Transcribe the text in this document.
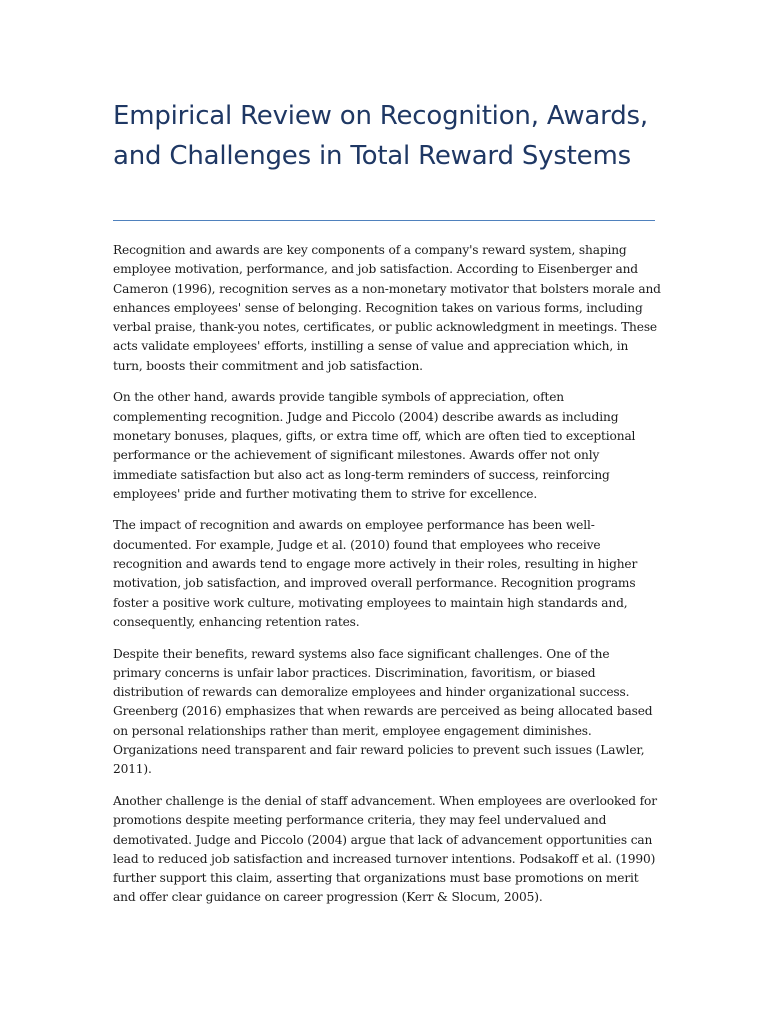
Empirical Review on Recognition, Awards, and Challenges in Total Reward Systems

Recognition and awards are key components of a company's reward system, shaping employee motivation, performance, and job satisfaction. According to Eisenberger and Cameron (1996), recognition serves as a non-monetary motivator that bolsters morale and enhances employees' sense of belonging. Recognition takes on various forms, including verbal praise, thank-you notes, certificates, or public acknowledgment in meetings. These acts validate employees' efforts, instilling a sense of value and appreciation which, in turn, boosts their commitment and job satisfaction.

On the other hand, awards provide tangible symbols of appreciation, often complementing recognition. Judge and Piccolo (2004) describe awards as including monetary bonuses, plaques, gifts, or extra time off, which are often tied to exceptional performance or the achievement of significant milestones. Awards offer not only immediate satisfaction but also act as long-term reminders of success, reinforcing employees' pride and further motivating them to strive for excellence.

The impact of recognition and awards on employee performance has been well-documented. For example, Judge et al. (2010) found that employees who receive recognition and awards tend to engage more actively in their roles, resulting in higher motivation, job satisfaction, and improved overall performance. Recognition programs foster a positive work culture, motivating employees to maintain high standards and, consequently, enhancing retention rates.

Despite their benefits, reward systems also face significant challenges. One of the primary concerns is unfair labor practices. Discrimination, favoritism, or biased distribution of rewards can demoralize employees and hinder organizational success. Greenberg (2016) emphasizes that when rewards are perceived as being allocated based on personal relationships rather than merit, employee engagement diminishes. Organizations need transparent and fair reward policies to prevent such issues (Lawler, 2011).

Another challenge is the denial of staff advancement. When employees are overlooked for promotions despite meeting performance criteria, they may feel undervalued and demotivated. Judge and Piccolo (2004) argue that lack of advancement opportunities can lead to reduced job satisfaction and increased turnover intentions. Podsakoff et al. (1990) further support this claim, asserting that organizations must base promotions on merit and offer clear guidance on career progression (Kerr & Slocum, 2005).
